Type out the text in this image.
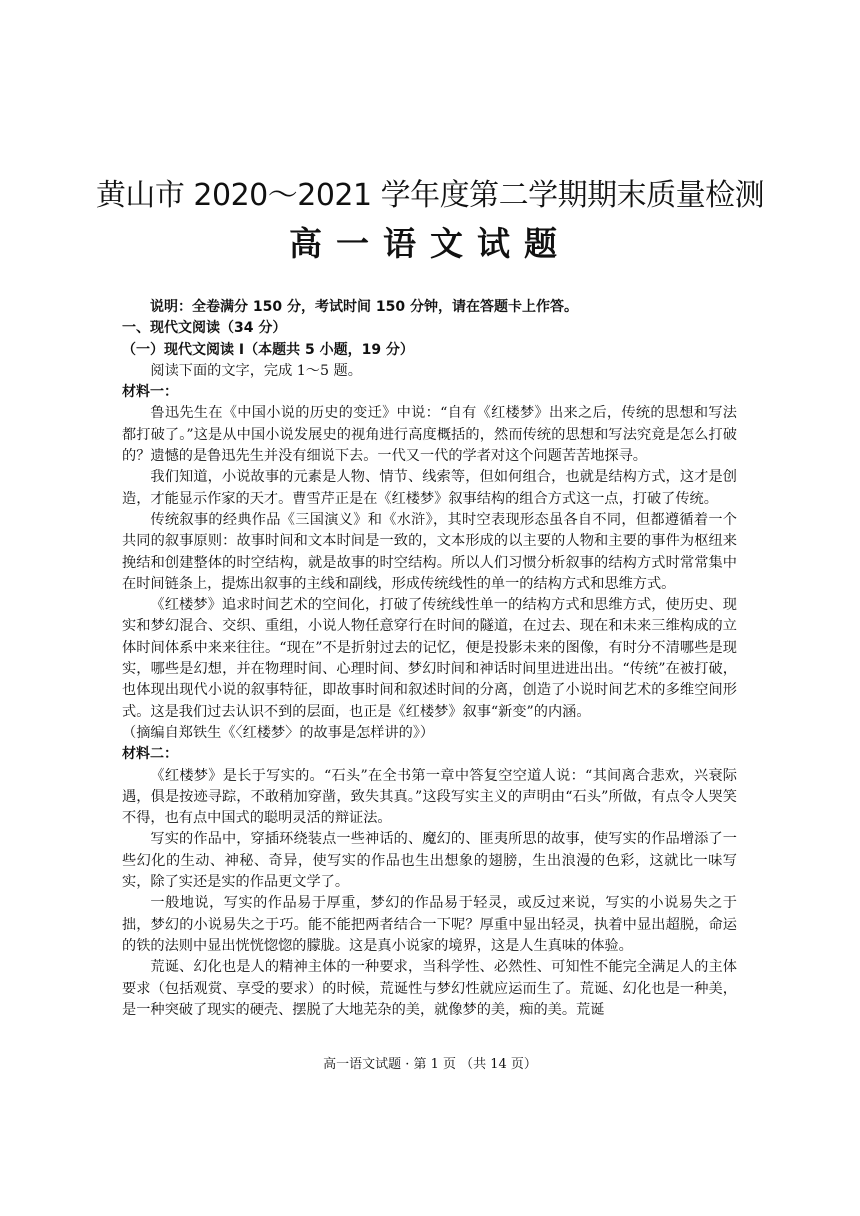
黄山市 2020～2021 学年度第二学期期末质量检测
高一语文试题

说明：全卷满分 150 分，考试时间 150 分钟，请在答题卡上作答。

一、现代文阅读（34 分）

（一）现代文阅读 I（本题共 5 小题，19 分）

阅读下面的文字，完成 1～5 题。

材料一：

鲁迅先生在《中国小说的历史的变迁》中说：“自有《红楼梦》出来之后，传统的思想和写法都打破了。”这是从中国小说发展史的视角进行高度概括的，然而传统的思想和写法究竟是怎么打破的？遗憾的是鲁迅先生并没有细说下去。一代又一代的学者对这个问题苦苦地探寻。

我们知道，小说故事的元素是人物、情节、线索等，但如何组合，也就是结构方式，这才是创造，才能显示作家的天才。曹雪芹正是在《红楼梦》叙事结构的组合方式这一点，打破了传统。

传统叙事的经典作品《三国演义》和《水浒》，其时空表现形态虽各自不同，但都遵循着一个共同的叙事原则：故事时间和文本时间是一致的，文本形成的以主要的人物和主要的事件为枢纽来挽结和创建整体的时空结构，就是故事的时空结构。所以人们习惯分析叙事的结构方式时常常集中在时间链条上，提炼出叙事的主线和副线，形成传统线性的单一的结构方式和思维方式。

《红楼梦》追求时间艺术的空间化，打破了传统线性单一的结构方式和思维方式，使历史、现实和梦幻混合、交织、重组，小说人物任意穿行在时间的隧道，在过去、现在和未来三维构成的立体时间体系中来来往往。“现在”不是折射过去的记忆，便是投影未来的图像，有时分不清哪些是现实，哪些是幻想，并在物理时间、心理时间、梦幻时间和神话时间里进进出出。“传统”在被打破，也体现出现代小说的叙事特征，即故事时间和叙述时间的分离，创造了小说时间艺术的多维空间形式。这是我们过去认识不到的层面，也正是《红楼梦》叙事“新变”的内涵。

（摘编自郑铁生《〈红楼梦〉的故事是怎样讲的》）

材料二：

《红楼梦》是长于写实的。“石头”在全书第一章中答复空空道人说：“其间离合悲欢，兴衰际遇，俱是按迹寻踪，不敢稍加穿凿，致失其真。”这段写实主义的声明由“石头”所做，有点令人哭笑不得，也有点中国式的聪明灵活的辩证法。

写实的作品中，穿插环绕装点一些神话的、魔幻的、匪夷所思的故事，使写实的作品增添了一些幻化的生动、神秘、奇异，使写实的作品也生出想象的翅膀，生出浪漫的色彩，这就比一味写实，除了实还是实的作品更文学了。

一般地说，写实的作品易于厚重，梦幻的作品易于轻灵，或反过来说，写实的小说易失之于拙，梦幻的小说易失之于巧。能不能把两者结合一下呢？厚重中显出轻灵，执着中显出超脱，命运的铁的法则中显出恍恍惚惚的朦胧。这是真小说家的境界，这是人生真味的体验。

荒诞、幻化也是人的精神主体的一种要求，当科学性、必然性、可知性不能完全满足人的主体要求（包括观赏、享受的要求）的时候，荒诞性与梦幻性就应运而生了。荒诞、幻化也是一种美，是一种突破了现实的硬壳、摆脱了大地芜杂的美，就像梦的美，痴的美。荒诞

高一语文试题 · 第 1 页 （共 14 页）
